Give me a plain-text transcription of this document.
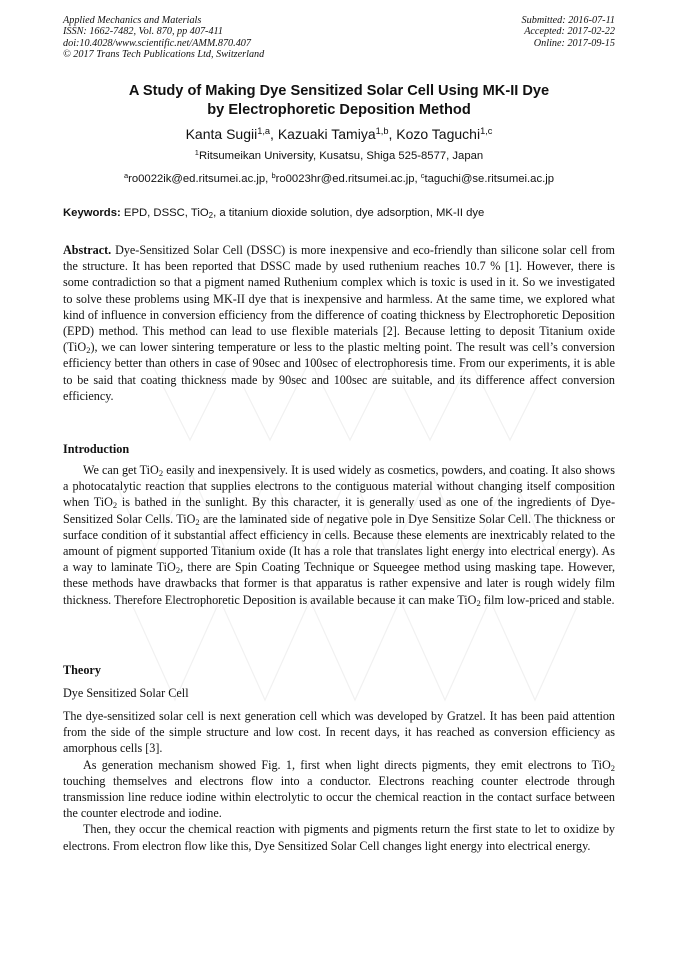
Applied Mechanics and Materials
ISSN: 1662-7482, Vol. 870, pp 407-411
doi:10.4028/www.scientific.net/AMM.870.407
© 2017 Trans Tech Publications Ltd, Switzerland
Submitted: 2016-07-11
Accepted: 2017-02-22
Online: 2017-09-15
A Study of Making Dye Sensitized Solar Cell Using MK-II Dye
by Electrophoretic Deposition Method
Kanta Sugii$^{1,a}$, Kazuaki Tamiya$^{1,b}$, Kozo Taguchi$^{1,c}$
$^1$Ritsumeikan University, Kusatsu, Shiga 525-8577, Japan
$^a$ro0022ik@ed.ritsumei.ac.jp, $^b$ro0023hr@ed.ritsumei.ac.jp, $^c$taguchi@se.ritsumei.ac.jp
Keywords: EPD, DSSC, TiO$_2$, a titanium dioxide solution, dye adsorption, MK-II dye

Abstract. Dye-Sensitized Solar Cell (DSSC) is more inexpensive and eco-friendly than silicone solar cell from the structure. It has been reported that DSSC made by used ruthenium reaches 10.7 % [1]. However, there is some contradiction so that a pigment named Ruthenium complex which is toxic is used in it. So we investigated to solve these problems using MK-II dye that is inexpensive and harmless. At the same time, we explored what kind of influence in conversion efficiency from the difference of coating thickness by Electrophoretic Deposition (EPD) method. This method can lead to use flexible materials [2]. Because letting to deposit Titanium oxide (TiO$_2$), we can lower sintering temperature or less to the plastic melting point. The result was cell’s conversion efficiency better than others in case of 90sec and 100sec of electrophoresis time. From our experiments, it is able to be said that coating thickness made by 90sec and 100sec are suitable, and its difference affect conversion efficiency.

Introduction

We can get TiO$_2$ easily and inexpensively. It is used widely as cosmetics, powders, and coating. It also shows a photocatalytic reaction that supplies electrons to the contiguous material without changing itself composition when TiO$_2$ is bathed in the sunlight. By this character, it is generally used as one of the ingredients of Dye-Sensitized Solar Cells. TiO$_2$ are the laminated side of negative pole in Dye Sensitize Solar Cell. The thickness or surface condition of it substantial affect efficiency in cells. Because these elements are inextricably related to the amount of pigment supported Titanium oxide (It has a role that translates light energy into electrical energy). As a way to laminate TiO$_2$, there are Spin Coating Technique or Squeegee method using masking tape. However, these methods have drawbacks that former is that apparatus is rather expensive and later is rough widely film thickness. Therefore Electrophoretic Deposition is available because it can make TiO$_2$ film low-priced and stable.

Theory
Dye Sensitized Solar Cell

The dye-sensitized solar cell is next generation cell which was developed by Gratzel. It has been paid attention from the side of the simple structure and low cost. In recent days, it has reached as conversion efficiency as amorphous cells [3].

As generation mechanism showed Fig. 1, first when light directs pigments, they emit electrons to TiO$_2$ touching themselves and electrons flow into a conductor. Electrons reaching counter electrode through transmission line reduce iodine within electrolytic to occur the chemical reaction in the contact surface between the counter electrode and iodine.

Then, they occur the chemical reaction with pigments and pigments return the first state to let to oxidize by electrons. From electron flow like this, Dye Sensitized Solar Cell changes light energy into electrical energy.
